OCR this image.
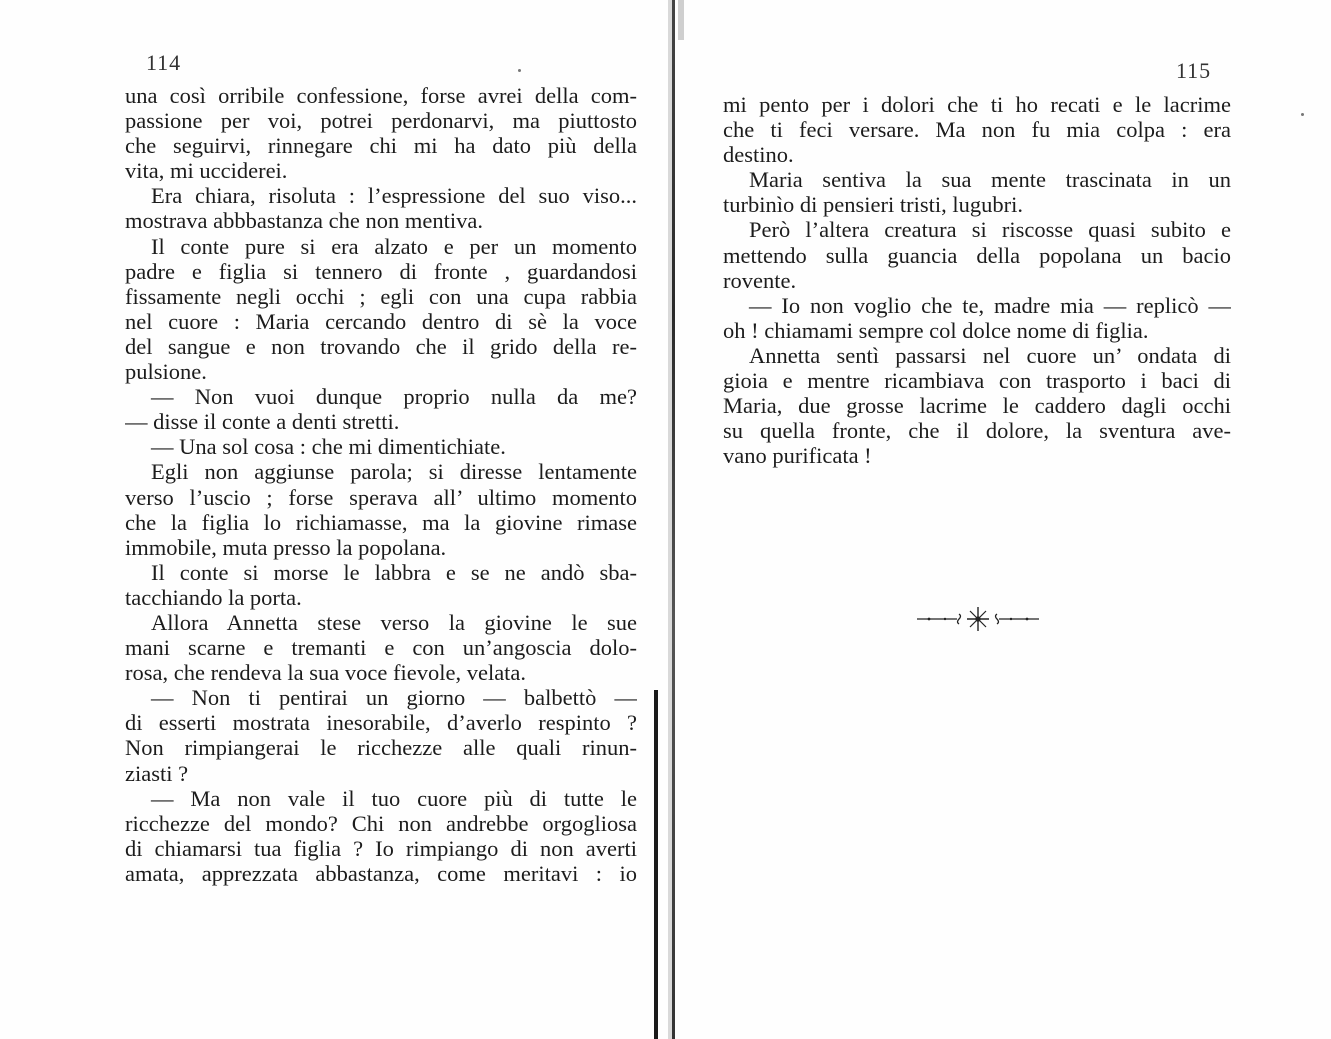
114
una così orribile confessione, forse avrei della com-
passione per voi, potrei perdonarvi, ma piuttosto
che seguirvi, rinnegare chi mi ha dato più della
vita, mi ucciderei.
Era chiara, risoluta : l’espressione del suo viso...
mostrava abbbastanza che non mentiva.
Il conte pure si era alzato e per un momento
padre e figlia si tennero di fronte , guardandosi
fissamente negli occhi ; egli con una cupa rabbia
nel cuore : Maria cercando dentro di sè la voce
del sangue e non trovando che il grido della re-
pulsione.
— Non vuoi dunque proprio nulla da me?
— disse il conte a denti stretti.
— Una sol cosa : che mi dimentichiate.
Egli non aggiunse parola; si diresse lentamente
verso l’uscio ; forse sperava all’ ultimo momento
che la figlia lo richiamasse, ma la giovine rimase
immobile, muta presso la popolana.
Il conte si morse le labbra e se ne andò sba-
tacchiando la porta.
Allora Annetta stese verso la giovine le sue
mani scarne e tremanti e con un’angoscia dolo-
rosa, che rendeva la sua voce fievole, velata.
— Non ti pentirai un giorno — balbettò —
di esserti mostrata inesorabile, d’averlo respinto ?
Non rimpiangerai le ricchezze alle quali rinun-
ziasti ?
— Ma non vale il tuo cuore più di tutte le
ricchezze del mondo? Chi non andrebbe orgogliosa
di chiamarsi tua figlia ? Io rimpiango di non averti
amata, apprezzata abbastanza, come meritavi : io
115
mi pento per i dolori che ti ho recati e le lacrime
che ti feci versare. Ma non fu mia colpa : era
destino.
Maria sentiva la sua mente trascinata in un
turbinìo di pensieri tristi, lugubri.
Però l’altera creatura si riscosse quasi subito e
mettendo sulla guancia della popolana un bacio
rovente.
— Io non voglio che te, madre mia — replicò —
oh ! chiamami sempre col dolce nome di figlia.
Annetta sentì passarsi nel cuore un’ ondata di
gioia e mentre ricambiava con trasporto i baci di
Maria, due grosse lacrime le caddero dagli occhi
su quella fronte, che il dolore, la sventura ave-
vano purificata !
